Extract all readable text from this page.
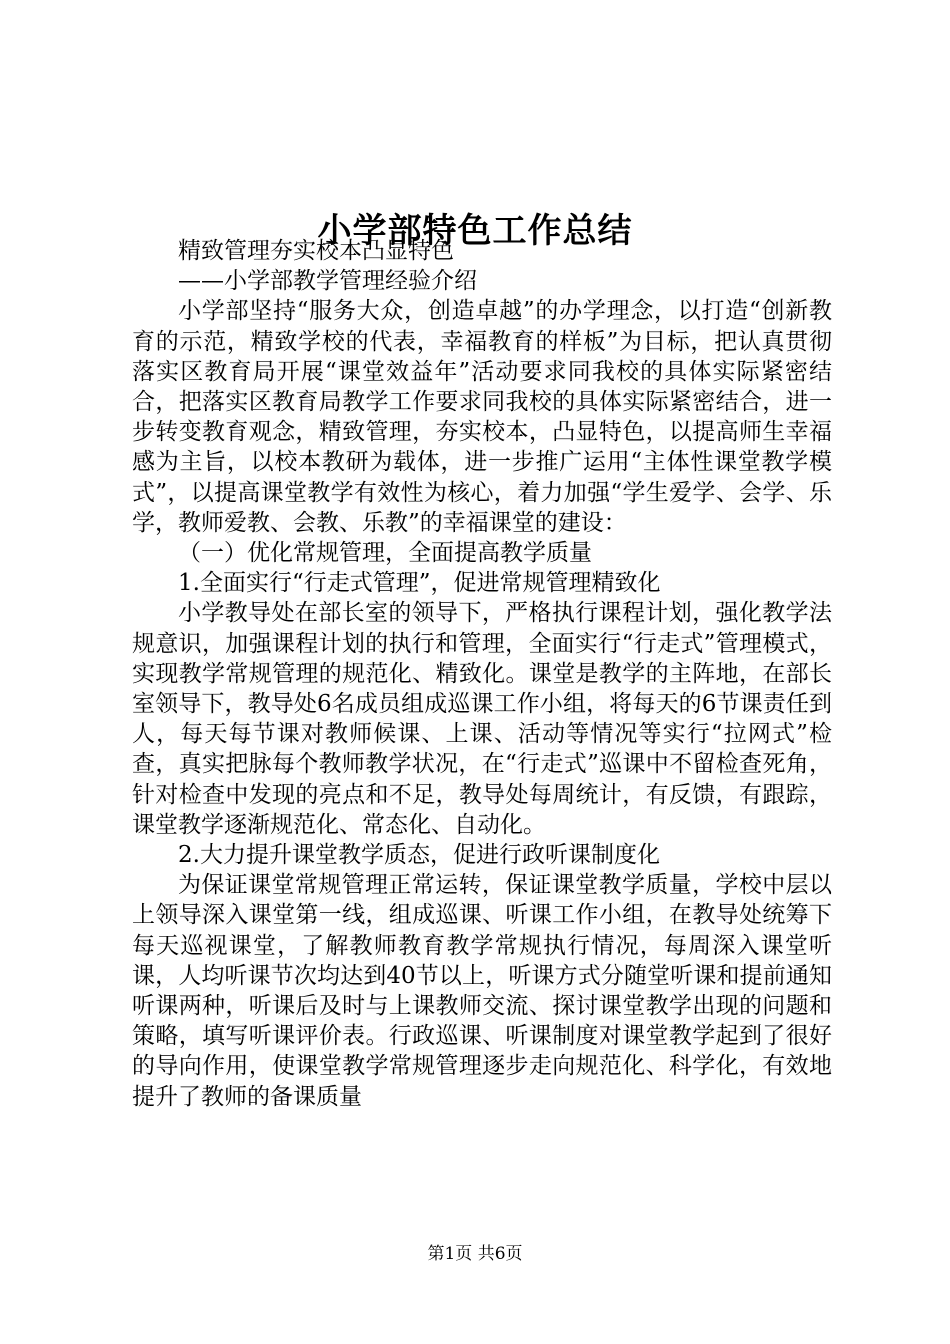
小学部特色工作总结

精致管理夯实校本凸显特色

——小学部教学管理经验介绍

小学部坚持“服务大众，创造卓越”的办学理念，以打造“创新教育的示范，精致学校的代表，幸福教育的样板”为目标，把认真贯彻落实区教育局开展“课堂效益年”活动要求同我校的具体实际紧密结合，把落实区教育局教学工作要求同我校的具体实际紧密结合，进一步转变教育观念，精致管理，夯实校本，凸显特色，以提高师生幸福感为主旨，以校本教研为载体，进一步推广运用“主体性课堂教学模式”，以提高课堂教学有效性为核心，着力加强“学生爱学、会学、乐学，教师爱教、会教、乐教”的幸福课堂的建设：

（一）优化常规管理，全面提高教学质量

1.全面实行“行走式管理”，促进常规管理精致化

小学教导处在部长室的领导下，严格执行课程计划，强化教学法规意识，加强课程计划的执行和管理，全面实行“行走式”管理模式，实现教学常规管理的规范化、精致化。课堂是教学的主阵地，在部长室领导下，教导处6名成员组成巡课工作小组，将每天的6节课责任到人，每天每节课对教师候课、上课、活动等情况等实行“拉网式”检查，真实把脉每个教师教学状况，在“行走式”巡课中不留检查死角，针对检查中发现的亮点和不足，教导处每周统计，有反馈，有跟踪，课堂教学逐渐规范化、常态化、自动化。

2.大力提升课堂教学质态，促进行政听课制度化

为保证课堂常规管理正常运转，保证课堂教学质量，学校中层以上领导深入课堂第一线，组成巡课、听课工作小组，在教导处统筹下每天巡视课堂，了解教师教育教学常规执行情况，每周深入课堂听课，人均听课节次均达到40节以上，听课方式分随堂听课和提前通知听课两种，听课后及时与上课教师交流、探讨课堂教学出现的问题和策略，填写听课评价表。行政巡课、听课制度对课堂教学起到了很好的导向作用，使课堂教学常规管理逐步走向规范化、科学化，有效地提升了教师的备课质量

第1页 共6页
